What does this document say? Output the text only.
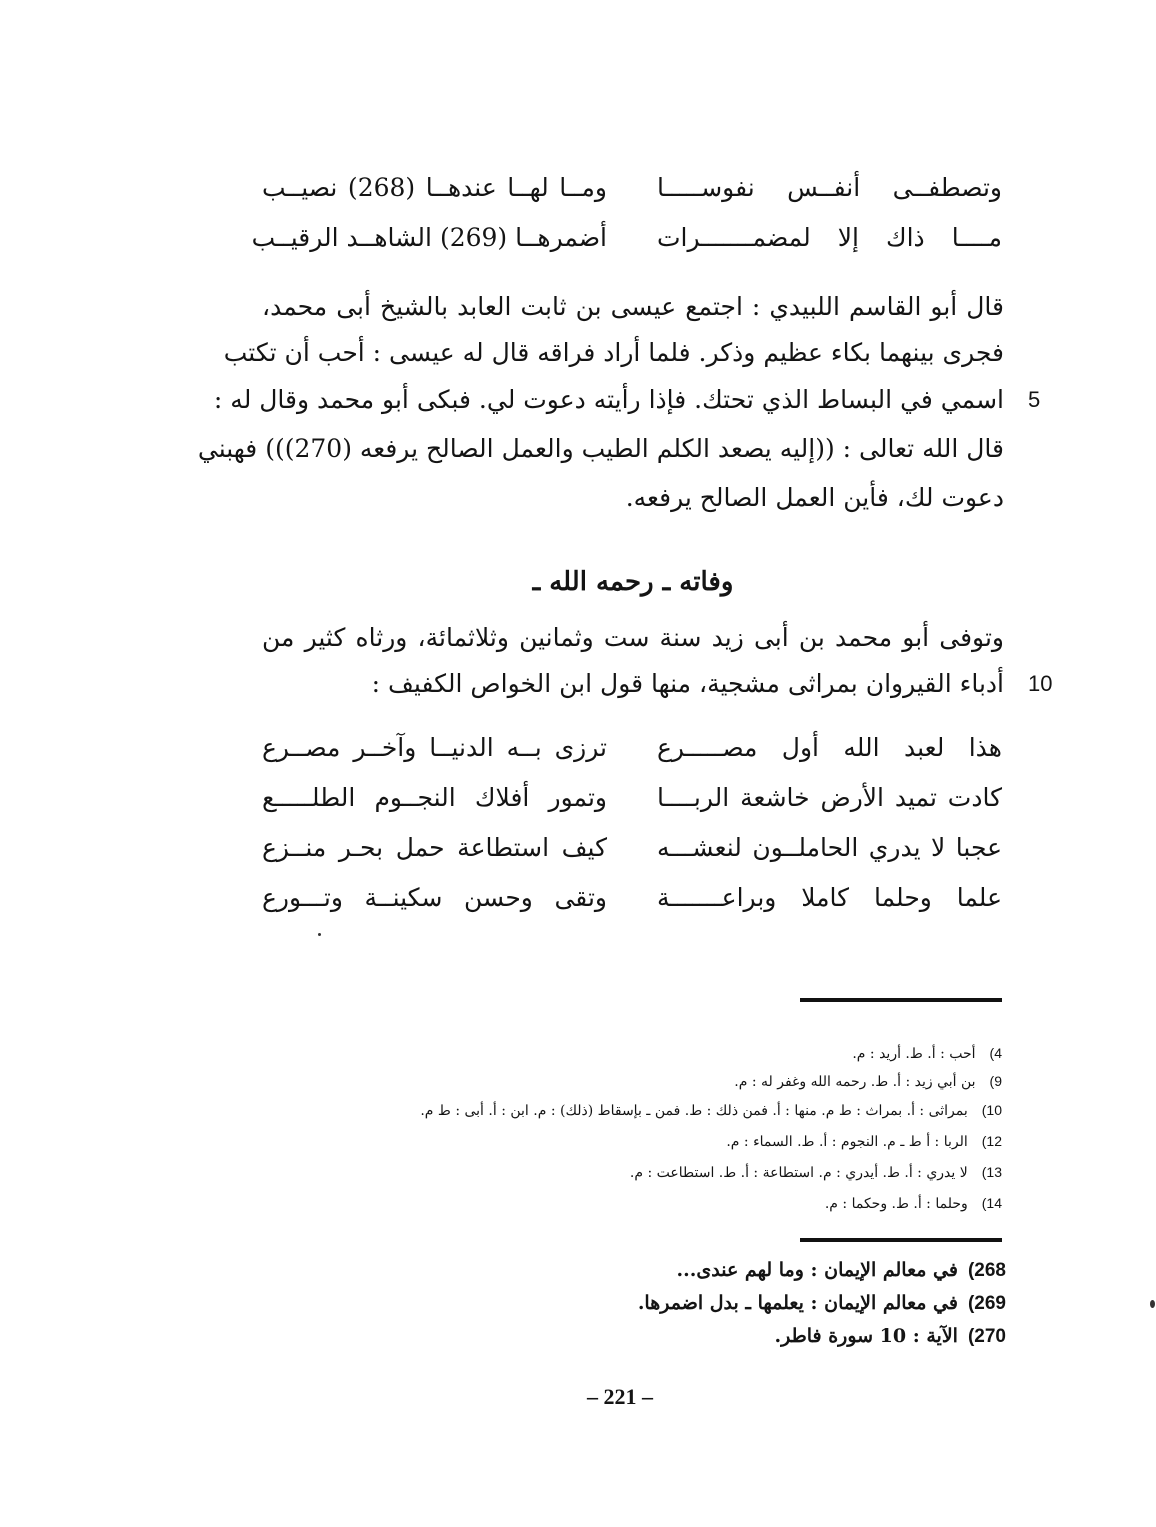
وتصطفــى أنفــس نفوســـــا
ومــا لهــا عندهــا (268) نصيــب
مــــا ذاك إلا لمضمـــــــرات
أضمرهــا (269) الشاهــد الرقيــب
قال أبو القاسم اللبيدي : اجتمع عيسى بن ثابت العابد بالشيخ أبى محمد،
فجرى بينهما بكاء عظيم وذكر. فلما أراد فراقه قال له عيسى : أحب أن تكتب
اسمي في البساط الذي تحتك. فإذا رأيته دعوت لي. فبكى أبو محمد وقال له : 5
قال الله تعالى : ((إليه يصعد الكلم الطيب والعمل الصالح يرفعه (270))) فهبني
دعوت لك، فأين العمل الصالح يرفعه.
وفاته ـ رحمه الله ـ
وتوفى أبو محمد بن أبى زيد سنة ست وثمانين وثلاثمائة، ورثاه كثير من
أدباء القيروان بمراثى مشجية، منها قول ابن الخواص الكفيف : 10
هذا لعبد الله أول مصـــــرع
ترزى بــه الدنيــا وآخــر مصــرع
كادت تميد الأرض خاشعة الربــــا
وتمور أفلاك النجــوم الطلـــــع
عجبا لا يدري الحاملــون لنعشـــه
كيف استطاعة حمل بحـر منــزع
علما وحلما كاملا وبراعـــــــة
وتقى وحسن سكينــة وتـــورع
4)أحب : أ. ط. أريد : م.
9)بن أبي زيد : أ. ط. رحمه الله وغفر له : م.
10)بمراثى : أ. بمراث : ط م. منها : أ. فمن ذلك : ط. فمن ـ بإسقاط (ذلك) : م. ابن : أ. أبى : ط م.
12)الربا : أ ط ـ م. النجوم : أ. ط. السماء : م.
13)لا يدري : أ. ط. أيدري : م. استطاعة : أ. ط. استطاعت : م.
14)وحلما : أ. ط. وحكما : م.
268)في معالم الإيمان : وما لهم عندى...
269)في معالم الإيمان : يعلمها ـ بدل اضمرها.
270)الآية : 10 سورة فاطر.
– 221 –
